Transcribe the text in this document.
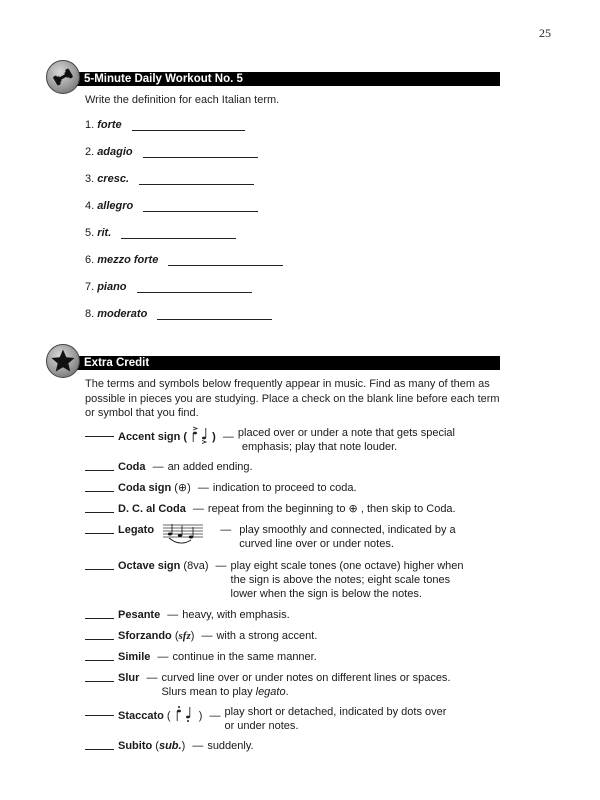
25
5-Minute Daily Workout No. 5
Write the definition for each Italian term.
1. forte
2. adagio
3. cresc.
4. allegro
5. rit.
6. mezzo forte
7. piano
8. moderato
Extra Credit
The terms and symbols below frequently appear in music. Find as many of them as possible in pieces you are studying. Place a check on the blank line before each term or symbol that you find.
Accent sign ( ) — placed over or under a note that gets special
emphasis; play that note louder.
Coda — an added ending.
Coda sign (⊕) — indication to proceed to coda.
D. C. al Coda — repeat from the beginning to ⊕ , then skip to Coda.
Legato	— play smoothly and connected, indicated by a
curved line over or under notes.
Octave sign (8va) — play eight scale tones (one octave) higher when
the sign is above the notes; eight scale tones
lower when the sign is below the notes.
Pesante — heavy, with emphasis.
Sforzando (sfz) — with a strong accent.
Simile — continue in the same manner.
Slur — curved line over or under notes on different lines or spaces.
Slurs mean to play legato.
Staccato (  ) — play short or detached, indicated by dots over
or under notes.
Subito (sub.) — suddenly.
